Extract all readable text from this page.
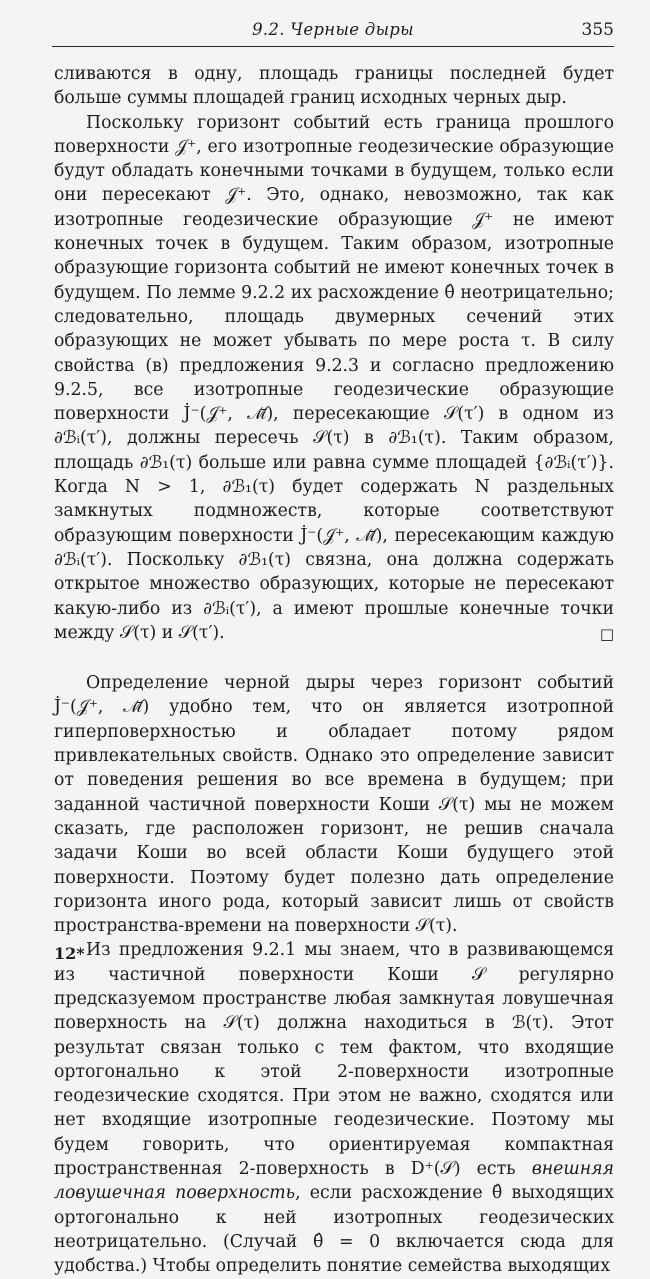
9.2. Черные дыры	355

сливаются в одну, площадь границы последней будет больше суммы площадей границ исходных черных дыр.

Поскольку горизонт событий есть граница прошлого поверхности 𝒥⁺, его изотропные геодезические образующие будут обладать конечными точками в будущем, только если они пересекают 𝒥⁺. Это, однако, невозможно, так как изотропные геодезические образующие 𝒥⁺ не имеют конечных точек в будущем. Таким образом, изотропные образующие горизонта событий не имеют конечных точек в будущем. По лемме 9.2.2 их расхождение θ̂ неотрицательно; следовательно, площадь двумерных сечений этих образующих не может убывать по мере роста τ. В силу свойства (в) предложения 9.2.3 и согласно предложению 9.2.5, все изотропные геодезические образующие поверхности J̇⁻(𝒥⁺, ℳ̄), пересекающие 𝒮(τ′) в одном из ∂ℬᵢ(τ′), должны пересечь 𝒮(τ) в ∂ℬ₁(τ). Таким образом, площадь ∂ℬ₁(τ) больше или равна сумме площадей {∂ℬᵢ(τ′)}. Когда N > 1, ∂ℬ₁(τ) будет содержать N раздельных замкнутых подмножеств, которые соответствуют образующим поверхности J̇⁻(𝒥⁺, ℳ̄), пересекающим каждую ∂ℬᵢ(τ′). Поскольку ∂ℬ₁(τ) связна, она должна содержать открытое множество образующих, которые не пересекают какую-либо из ∂ℬᵢ(τ′), а имеют прошлые конечные точки между 𝒮(τ) и 𝒮(τ′).	□

Определение черной дыры через горизонт событий J̇⁻(𝒥⁺, ℳ̄) удобно тем, что он является изотропной гиперповерхностью и обладает потому рядом привлекательных свойств. Однако это определение зависит от поведения решения во все времена в будущем; при заданной частичной поверхности Коши 𝒮(τ) мы не можем сказать, где расположен горизонт, не решив сначала задачи Коши во всей области Коши будущего этой поверхности. Поэтому будет полезно дать определение горизонта иного рода, который зависит лишь от свойств пространства-времени на поверхности 𝒮(τ).

Из предложения 9.2.1 мы знаем, что в развивающемся из частичной поверхности Коши 𝒮 регулярно предсказуемом пространстве любая замкнутая ловушечная поверхность на 𝒮(τ) должна находиться в ℬ(τ). Этот результат связан только с тем фактом, что входящие ортогонально к этой 2-поверхности изотропные геодезические сходятся. При этом не важно, сходятся или нет входящие изотропные геодезические. Поэтому мы будем говорить, что ориентируемая компактная пространственная 2-поверхность в D⁺(𝒮) есть внешняя ловушечная поверхность, если расхождение θ̂ выходящих ортогонально к ней изотропных геодезических неотрицательно. (Случай θ̂ = 0 включается сюда для удобства.) Чтобы определить понятие семейства выходящих

12*
